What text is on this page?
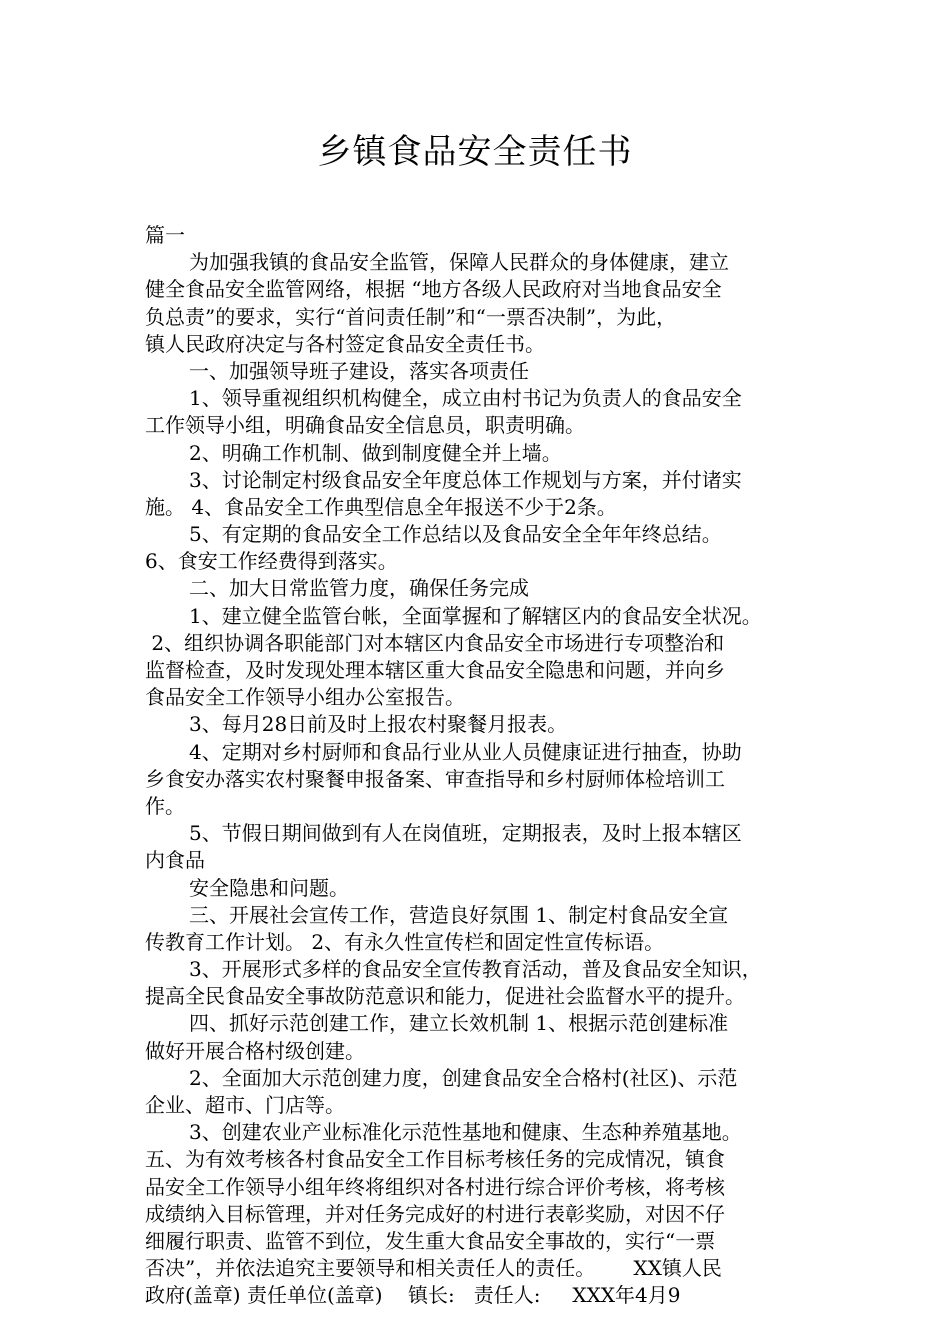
乡镇食品安全责任书
篇一
为加强我镇的食品安全监管，保障人民群众的身体健康，建立
健全食品安全监管网络，根据 “地方各级人民政府对当地食品安全
负总责”的要求，实行“首问责任制”和“一票否决制”，为此，
镇人民政府决定与各村签定食品安全责任书。
一、加强领导班子建设，落实各项责任
1、领导重视组织机构健全，成立由村书记为负责人的食品安全
工作领导小组，明确食品安全信息员，职责明确。
2、明确工作机制、做到制度健全并上墙。
3、讨论制定村级食品安全年度总体工作规划与方案，并付诸实
施。 4、食品安全工作典型信息全年报送不少于2条。
5、有定期的食品安全工作总结以及食品安全全年年终总结。
6、食安工作经费得到落实。
二、加大日常监管力度，确保任务完成
1、建立健全监管台帐，全面掌握和了解辖区内的食品安全状况。
2、组织协调各职能部门对本辖区内食品安全市场进行专项整治和
监督检查，及时发现处理本辖区重大食品安全隐患和问题，并向乡
食品安全工作领导小组办公室报告。
3、每月28日前及时上报农村聚餐月报表。
4、定期对乡村厨师和食品行业从业人员健康证进行抽查，协助
乡食安办落实农村聚餐申报备案、审查指导和乡村厨师体检培训工
作。
5、节假日期间做到有人在岗值班，定期报表，及时上报本辖区
内食品
安全隐患和问题。
三、开展社会宣传工作，营造良好氛围 1、制定村食品安全宣
传教育工作计划。 2、有永久性宣传栏和固定性宣传标语。
3、开展形式多样的食品安全宣传教育活动，普及食品安全知识，
提高全民食品安全事故防范意识和能力，促进社会监督水平的提升。
四、抓好示范创建工作，建立长效机制 1、根据示范创建标准
做好开展合格村级创建。
2、全面加大示范创建力度，创建食品安全合格村(社区)、示范
企业、超市、门店等。
3、创建农业产业标准化示范性基地和健康、生态种养殖基地。
五、为有效考核各村食品安全工作目标考核任务的完成情况，镇食
品安全工作领导小组年终将组织对各村进行综合评价考核，将考核
成绩纳入目标管理，并对任务完成好的村进行表彰奖励，对因不仔
细履行职责、监管不到位，发生重大食品安全事故的，实行“一票
否决”，并依法追究主要领导和相关责任人的责任。      XX镇人民
政府(盖章) 责任单位(盖章)    镇长:   责任人:     XXX年4月9
